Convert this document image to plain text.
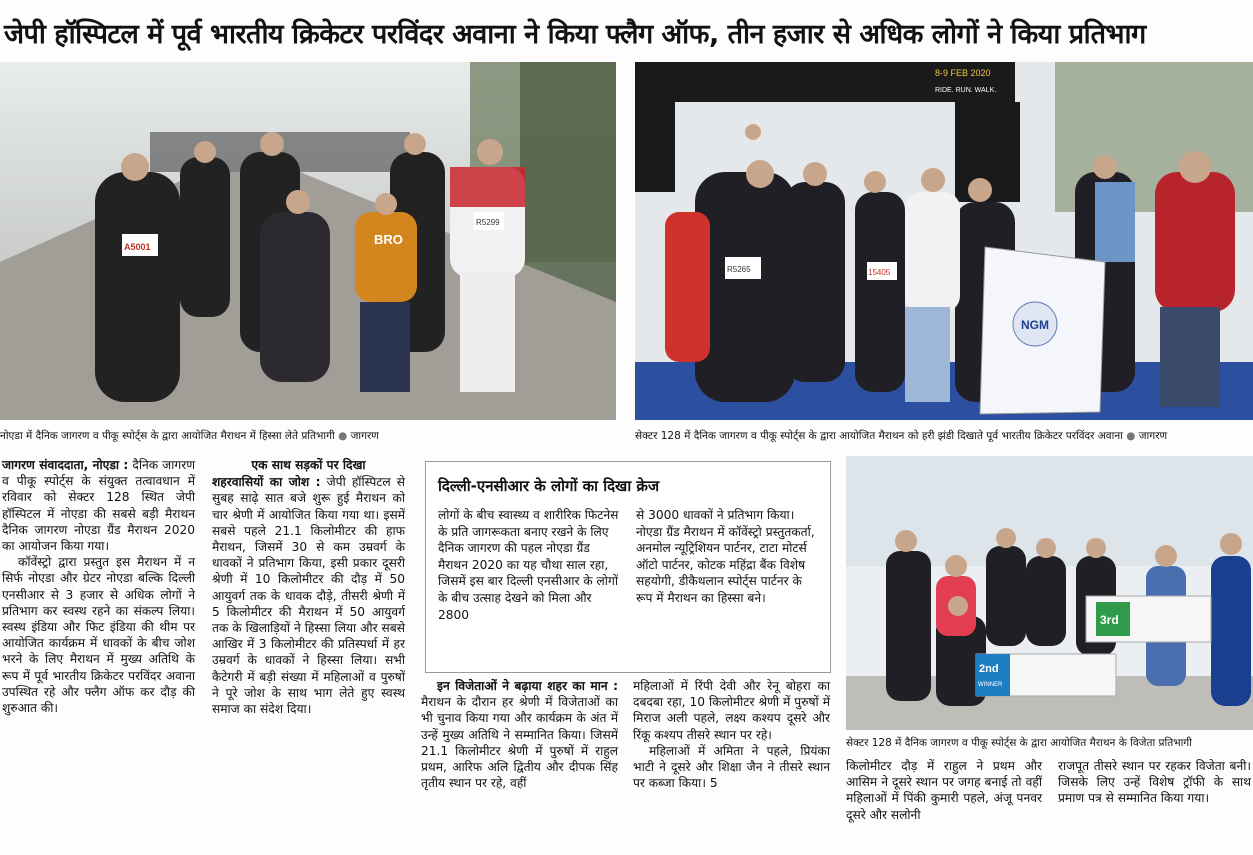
जेपी हॉस्पिटल में पूर्व भारतीय क्रिकेटर परविंदर अवाना ने किया फ्लैग ऑफ, तीन हजार से अधिक लोगों ने किया प्रतिभाग
A5001
R5299
BRO
नोएडा में दैनिक जागरण व पीकू स्पोर्ट्स के द्वारा आयोजित मैराथन में हिस्सा लेते प्रतिभागी ● जागरण
8-9 FEB 2020
RIDE. RUN. WALK.
NGM
R5265	15405
सेक्टर 128 में दैनिक जागरण व पीकू स्पोर्ट्स के द्वारा आयोजित मैराथन को हरी झंडी दिखाते पूर्व भारतीय क्रिकेटर परविंदर अवाना ● जागरण
3rd
2nd
WINNER
सेक्टर 128 में दैनिक जागरण व पीकू स्पोर्ट्स के द्वारा आयोजित मैराथन के विजेता प्रतिभागी

जागरण संवाददाता, नोएडा : दैनिक जागरण व पीकू स्पोर्ट्स के संयुक्त तत्वावधान में रविवार को सेक्टर 128 स्थित जेपी हॉस्पिटल में नोएडा की सबसे बड़ी मैराथन दैनिक जागरण नोएडा ग्रैंड मैराथन 2020 का आयोजन किया गया।

कॉवेंस्ट्रो द्वारा प्रस्तुत इस मैराथन में न सिर्फ नोएडा और ग्रेटर नोएडा बल्कि दिल्ली एनसीआर से 3 हजार से अधिक लोगों ने प्रतिभाग कर स्वस्थ रहने का संकल्प लिया। स्वस्थ इंडिया और फिट इंडिया की थीम पर आयोजित कार्यक्रम में धावकों के बीच जोश भरने के लिए मैराथन में मुख्य अतिथि के रूप में पूर्व भारतीय क्रिकेटर परविंदर अवाना उपस्थित रहे और फ्लैग ऑफ कर दौड़ की शुरुआत की।

एक साथ सड़कों पर दिखा

शहरवासियों का जोश : जेपी हॉस्पिटल से सुबह साढ़े सात बजे शुरू हुई मैराथन को चार श्रेणी में आयोजित किया गया था। इसमें सबसे पहले 21.1 किलोमीटर की हाफ मैराथन, जिसमें 30 से कम उम्रवर्ग के धावकों ने प्रतिभाग किया, इसी प्रकार दूसरी श्रेणी में 10 किलोमीटर की दौड़ में 50 आयुवर्ग तक के धावक दौड़े, तीसरी श्रेणी में 5 किलोमीटर की मैराथन में 50 आयुवर्ग तक के खिलाड़ियों ने हिस्सा लिया और सबसे आखिर में 3 किलोमीटर की प्रतिस्पर्धा में हर उम्रवर्ग के धावकों ने हिस्सा लिया। सभी कैटेगरी में बड़ी संख्या में महिलाओं व पुरुषों ने पूरे जोश के साथ भाग लेते हुए स्वस्थ समाज का संदेश दिया।

दिल्ली-एनसीआर के लोगों का दिखा क्रेज
लोगों के बीच स्वास्थ्य व शारीरिक फिटनेस के प्रति जागरूकता बनाए रखने के लिए दैनिक जागरण की पहल नोएडा ग्रैंड मैराथन 2020 का यह चौथा साल रहा, जिसमें इस बार दिल्ली एनसीआर के लोगों के बीच उत्साह देखने को मिला और 2800
से 3000 धावकों ने प्रतिभाग किया। नोएडा ग्रैंड मैराथन में कॉवेंस्ट्रो प्रस्तुतकर्ता, अनमोल न्यूट्रिशियन पार्टनर, टाटा मोटर्स ऑटो पार्टनर, कोटक महिंद्रा बैंक विशेष सहयोगी, डीकैथलान स्पोर्ट्स पार्टनर के रूप में मैराथन का हिस्सा बने।

इन विजेताओं ने बढ़ाया शहर का मान : मैराथन के दौरान हर श्रेणी में विजेताओं का भी चुनाव किया गया और कार्यक्रम के अंत में उन्हें मुख्य अतिथि ने सम्मानित किया। जिसमें 21.1 किलोमीटर श्रेणी में पुरुषों में राहुल प्रथम, आरिफ अलि द्वितीय और दीपक सिंह तृतीय स्थान पर रहे, वहीं

महिलाओं में रिंपी देवी और रेनू बोहरा का दबदबा रहा, 10 किलोमीटर श्रेणी में पुरुषों में मिराज अली पहले, लक्ष्य कश्यप दूसरे और रिंकू कश्यप तीसरे स्थान पर रहे।

महिलाओं में अमिता ने पहले, प्रियंका भाटी ने दूसरे और शिक्षा जैन ने तीसरे स्थान पर कब्जा किया। 5

किलोमीटर दौड़ में राहुल ने प्रथम और आसिम ने दूसरे स्थान पर जगह बनाई तो वहीं महिलाओं में पिंकी कुमारी पहले, अंजू पनवर दूसरे और सलोनी

राजपूत तीसरे स्थान पर रहकर विजेता बनी। जिसके लिए उन्हें विशेष ट्रॉफी के साथ प्रमाण पत्र से सम्मानित किया गया।
